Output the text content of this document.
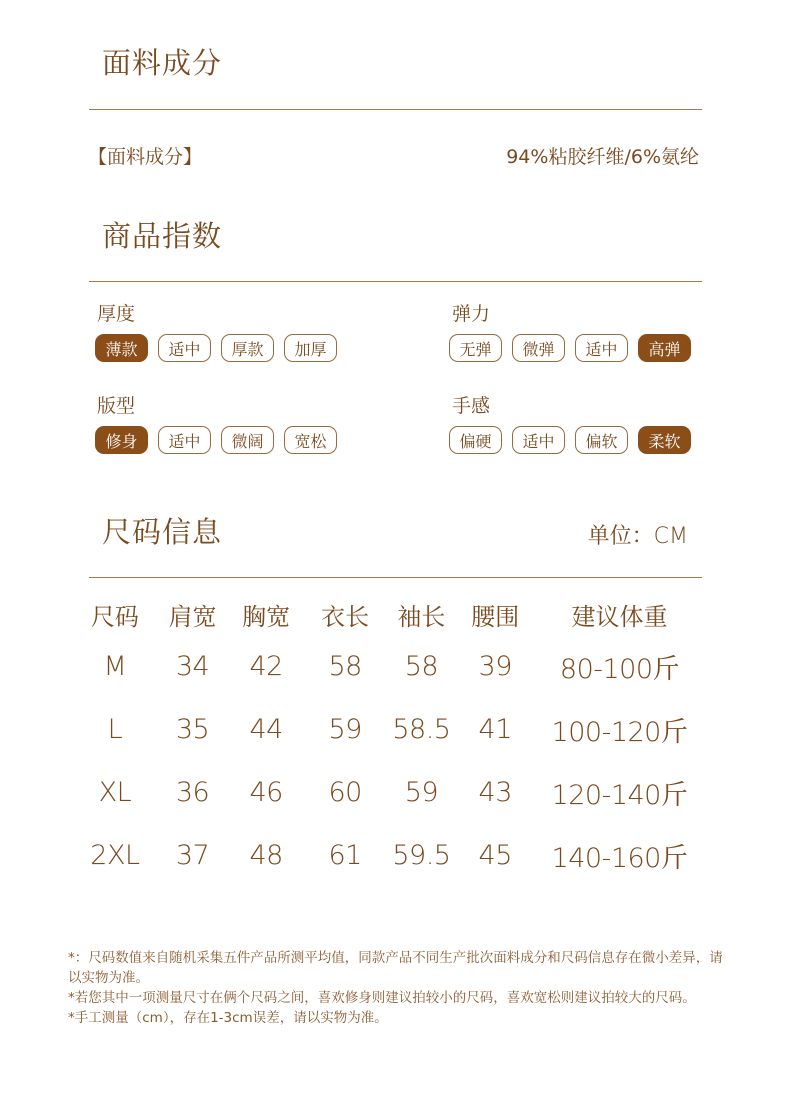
面料成分
【面料成分】	94%粘胶纤维/6%氨纶
商品指数
厚度
薄款	适中	厚款	加厚
弹力
无弹	微弹	适中	高弹
版型
修身	适中	微阔	宽松
手感
偏硬	适中	偏软	柔软
尺码信息	单位：CM
尺码	肩宽	胸宽	衣长	袖长	腰围	建议体重
M	34	42	58	58	39	80-100斤
L	35	44	59	58.5	41	100-120斤
XL	36	46	60	59	43	120-140斤
2XL	37	48	61	59.5	45	140-160斤

*：尺码数值来自随机采集五件产品所测平均值，同款产品不同生产批次面料成分和尺码信息存在微小差异，请以实物为准。

*若您其中一项测量尺寸在俩个尺码之间，喜欢修身则建议拍较小的尺码，喜欢宽松则建议拍较大的尺码。

*手工测量（cm），存在1-3cm误差，请以实物为准。
